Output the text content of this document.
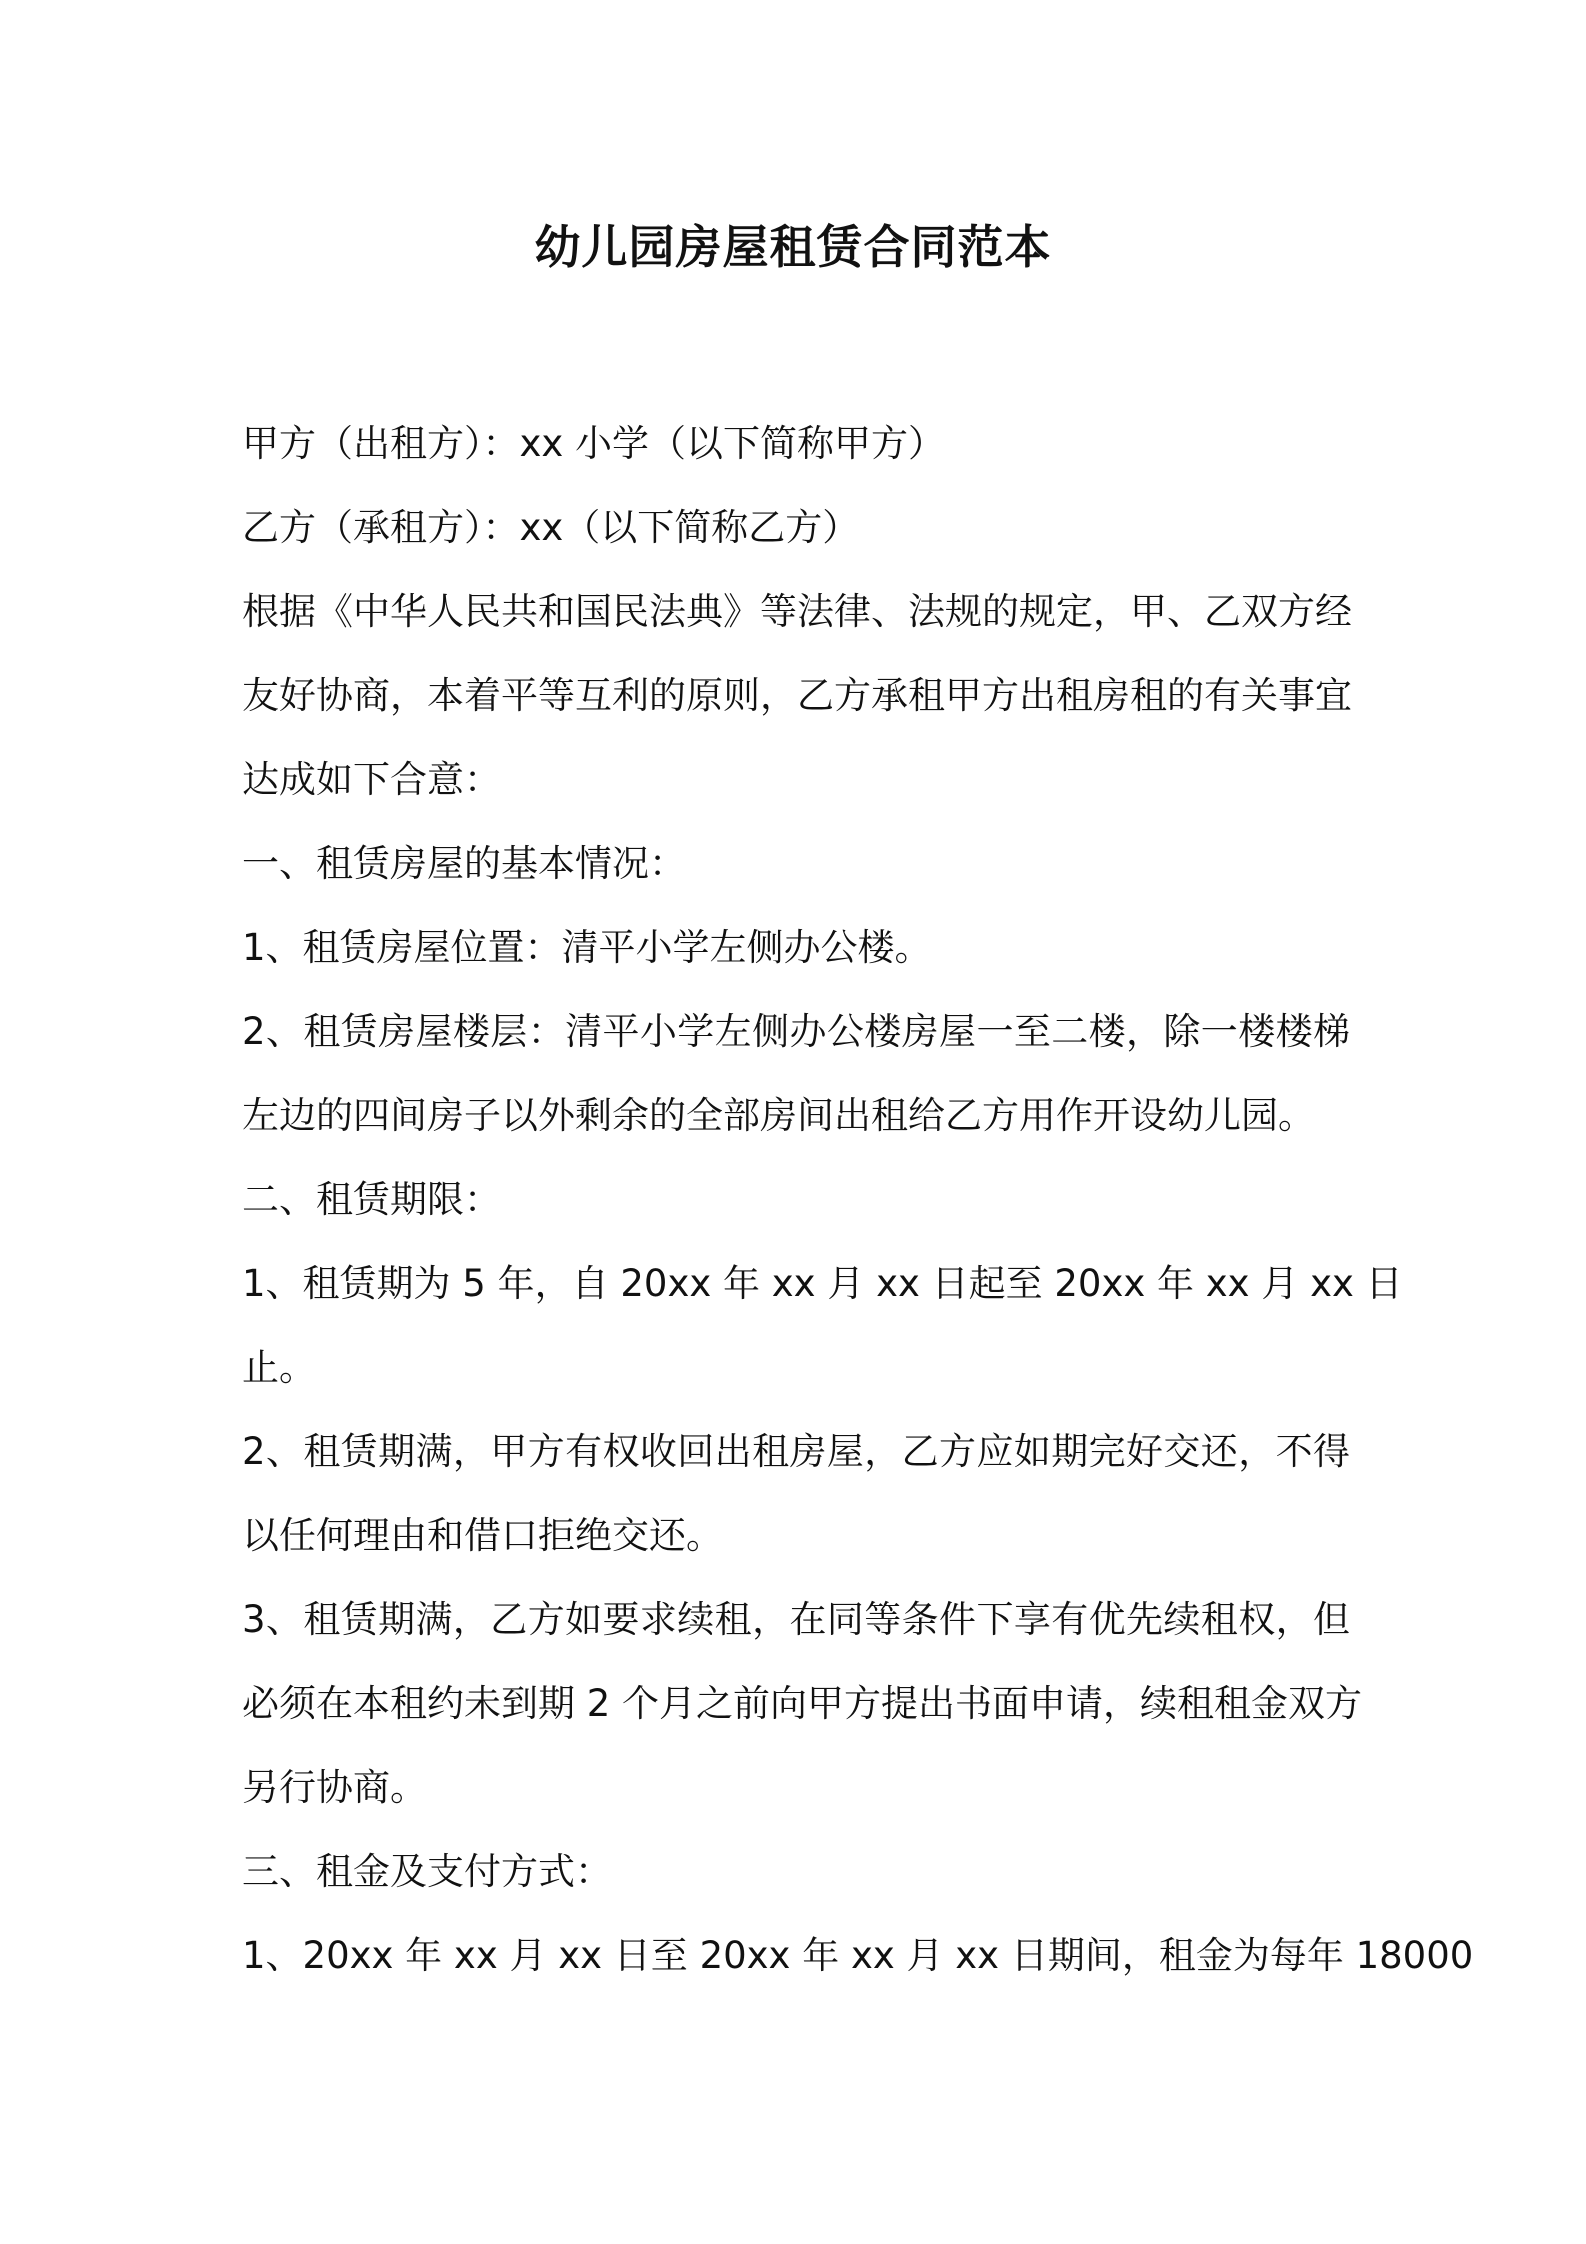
幼儿园房屋租赁合同范本
甲方（出租方）：xx 小学（以下简称甲方）
乙方（承租方）：xx（以下简称乙方）
根据《中华人民共和国民法典》等法律、法规的规定，甲、乙双方经
友好协商，本着平等互利的原则，乙方承租甲方出租房租的有关事宜
达成如下合意：
一、租赁房屋的基本情况：
1、租赁房屋位置：清平小学左侧办公楼。
2、租赁房屋楼层：清平小学左侧办公楼房屋一至二楼，除一楼楼梯
左边的四间房子以外剩余的全部房间出租给乙方用作开设幼儿园。
二、租赁期限：
1、租赁期为 5 年，自 20xx 年 xx 月 xx 日起至 20xx 年 xx 月 xx 日
止。
2、租赁期满，甲方有权收回出租房屋，乙方应如期完好交还，不得
以任何理由和借口拒绝交还。
3、租赁期满，乙方如要求续租，在同等条件下享有优先续租权，但
必须在本租约未到期 2 个月之前向甲方提出书面申请，续租租金双方
另行协商。
三、租金及支付方式：
1、20xx 年 xx 月 xx 日至 20xx 年 xx 月 xx 日期间，租金为每年 18000
